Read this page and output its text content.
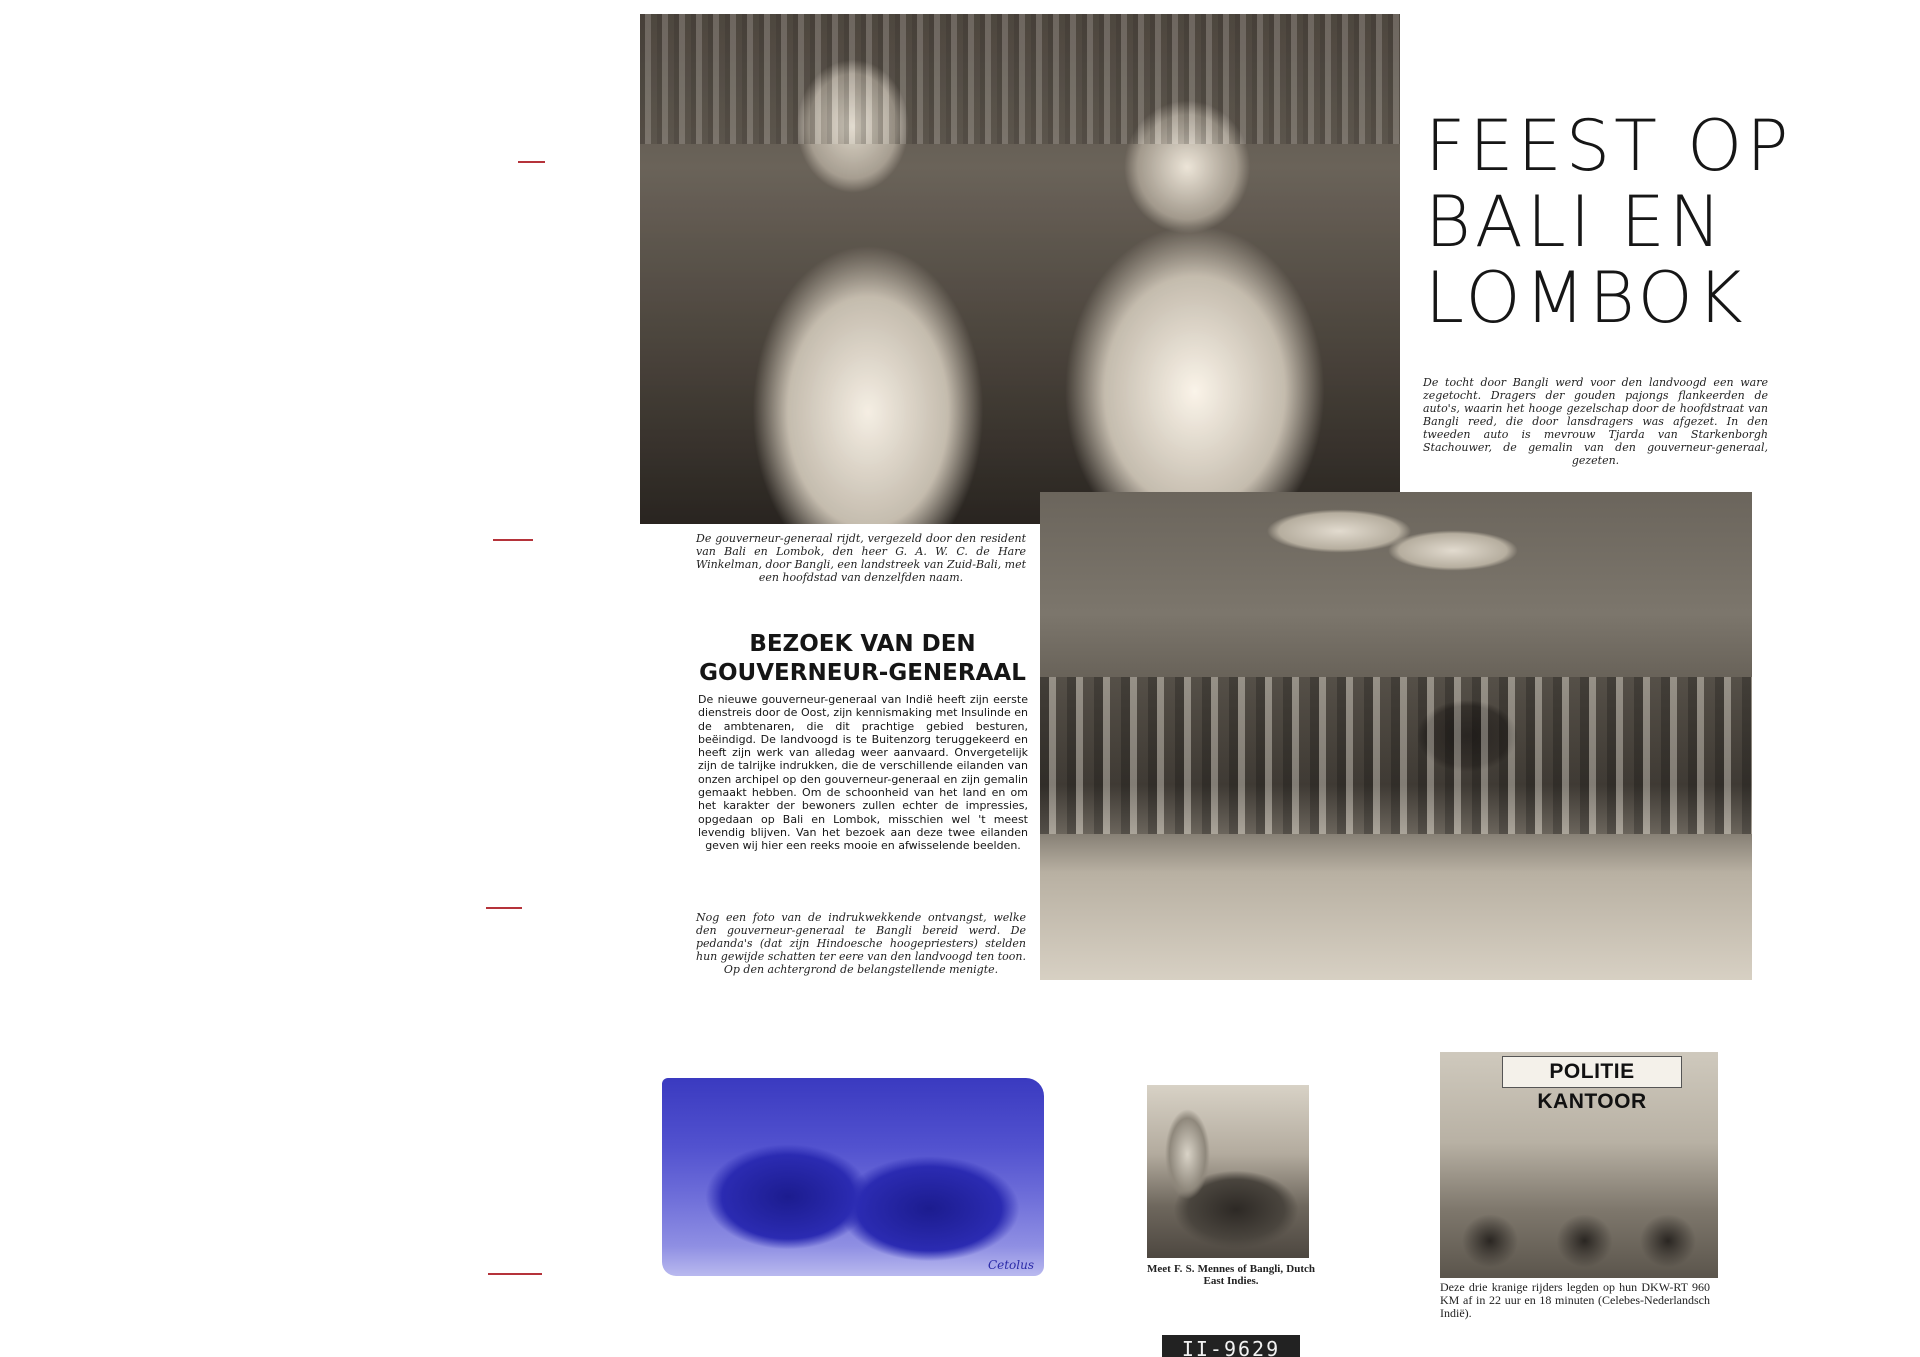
FEEST OP
BALI EN
LOMBOK
De tocht door Bangli werd voor den landvoogd een ware zegetocht. Dragers der gouden pajongs flankeerden de auto's, waarin het hooge gezelschap door de hoofdstraat van Bangli reed, die door lansdragers was afgezet. In den tweeden auto is mevrouw Tjarda van Starkenborgh Stachouwer, de gemalin van den gouverneur-generaal, gezeten.
De gouverneur-generaal rijdt, vergezeld door den resident van Bali en Lombok, den heer G. A. W. C. de Hare Winkelman, door Bangli, een landstreek van Zuid-Bali, met een hoofdstad van denzelfden naam.
BEZOEK VAN DEN
GOUVERNEUR-GENERAAL
De nieuwe gouverneur-generaal van Indië heeft zijn eerste dienstreis door de Oost, zijn kennismaking met Insulinde en de ambtenaren, die dit prachtige gebied besturen, beëindigd. De landvoogd is te Buitenzorg teruggekeerd en heeft zijn werk van alledag weer aanvaard. Onvergetelijk zijn de talrijke indrukken, die de verschillende eilanden van onzen archipel op den gouverneur-generaal en zijn gemalin gemaakt hebben. Om de schoonheid van het land en om het karakter der bewoners zullen echter de impressies, opgedaan op Bali en Lombok, misschien wel 't meest levendig blijven. Van het bezoek aan deze twee eilanden geven wij hier een reeks mooie en afwisselende beelden.
Nog een foto van de indrukwekkende ontvangst, welke den gouverneur-generaal te Bangli bereid werd. De pedanda's (dat zijn Hindoesche hoogepriesters) stelden hun gewijde schatten ter eere van den landvoogd ten toon. Op den achtergrond de belangstellende menigte.
Cetolus	Meet F. S. Mennes of Bangli, Dutch East Indies.
POLITIE KANTOOR
Deze drie kranige rijders legden op hun DKW-RT 960 KM af in 22 uur en 18 minuten (Celebes-Nederlandsch Indië).
II-9629
